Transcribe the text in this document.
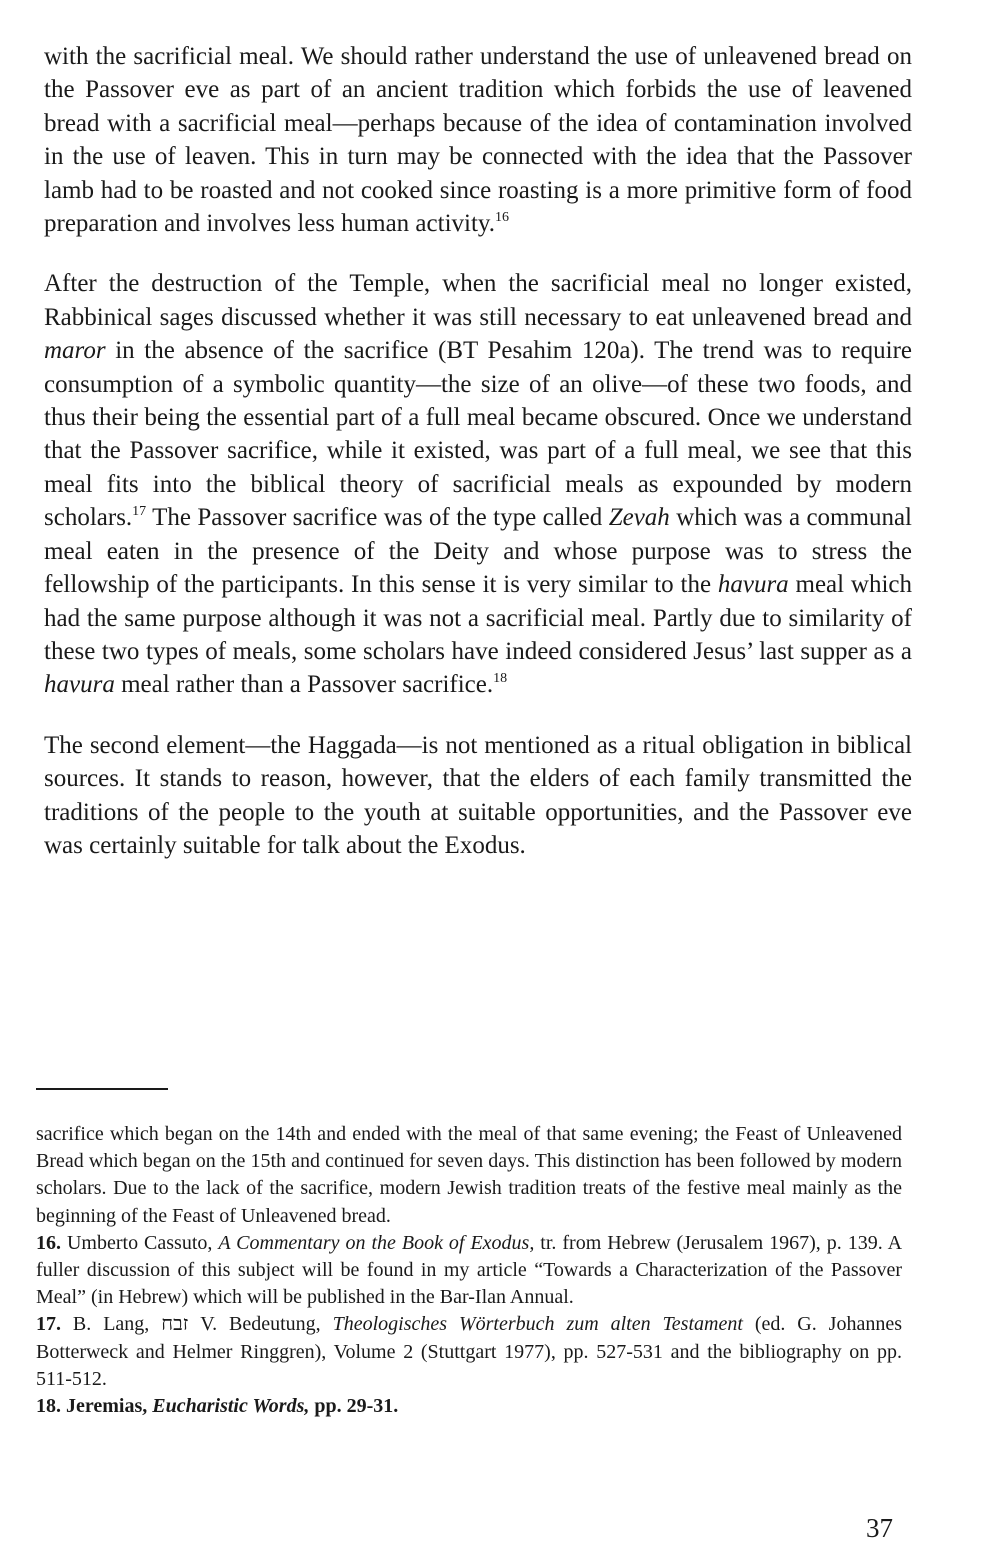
with the sacrificial meal. We should rather understand the use of unleavened bread on the Passover eve as part of an ancient tradition which forbids the use of leavened bread with a sacrificial meal—perhaps because of the idea of contamination involved in the use of leaven. This in turn may be connected with the idea that the Passover lamb had to be roasted and not cooked since roasting is a more primitive form of food preparation and involves less human activity.$^{16}$

After the destruction of the Temple, when the sacrificial meal no longer existed, Rabbinical sages discussed whether it was still necessary to eat unleavened bread and maror in the absence of the sacrifice (BT Pesahim 120a). The trend was to require consumption of a symbolic quantity—the size of an olive—of these two foods, and thus their being the essential part of a full meal became obscured. Once we understand that the Passover sacrifice, while it existed, was part of a full meal, we see that this meal fits into the biblical theory of sacrificial meals as expounded by modern scholars.$^{17}$ The Passover sacrifice was of the type called Zevah which was a communal meal eaten in the presence of the Deity and whose purpose was to stress the fellowship of the participants. In this sense it is very similar to the havura meal which had the same purpose although it was not a sacrificial meal. Partly due to similarity of these two types of meals, some scholars have indeed considered Jesus’ last supper as a havura meal rather than a Passover sacrifice.$^{18}$

The second element—the Haggada—is not mentioned as a ritual obligation in biblical sources. It stands to reason, however, that the elders of each family transmitted the traditions of the people to the youth at suitable opportunities, and the Passover eve was certainly suitable for talk about the Exodus.

sacrifice which began on the 14th and ended with the meal of that same evening; the Feast of Unleavened Bread which began on the 15th and continued for seven days. This distinction has been followed by modern scholars. Due to the lack of the sacrifice, modern Jewish tradition treats of the festive meal mainly as the beginning of the Feast of Unleavened bread.

16. Umberto Cassuto, A Commentary on the Book of Exodus, tr. from Hebrew (Jerusalem 1967), p. 139. A fuller discussion of this subject will be found in my article “Towards a Characterization of the Passover Meal” (in Hebrew) which will be published in the Bar-Ilan Annual.

17. B. Lang, זבח V. Bedeutung, Theologisches Wörterbuch zum alten Testament (ed. G. Johannes Botterweck and Helmer Ringgren), Volume 2 (Stuttgart 1977), pp. 527-531 and the bibliography on pp. 511-512.

18. Jeremias, Eucharistic Words, pp. 29-31.

37
